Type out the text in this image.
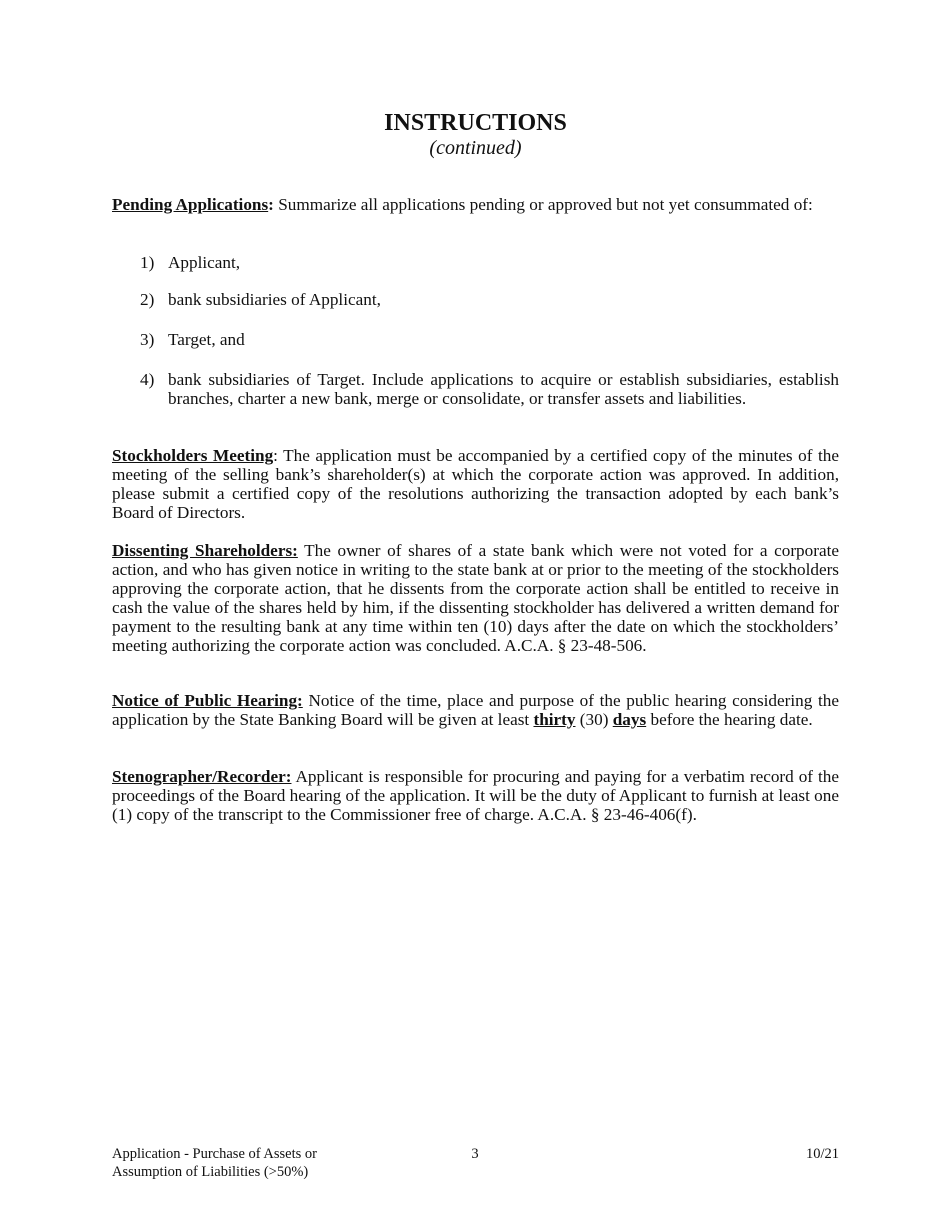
INSTRUCTIONS
(continued)
Pending Applications: Summarize all applications pending or approved but not yet consummated of:
1) Applicant,
2) bank subsidiaries of Applicant,
3) Target, and
4) bank subsidiaries of Target. Include applications to acquire or establish subsidiaries, establish branches, charter a new bank, merge or consolidate, or transfer assets and liabilities.
Stockholders Meeting: The application must be accompanied by a certified copy of the minutes of the meeting of the selling bank’s shareholder(s) at which the corporate action was approved. In addition, please submit a certified copy of the resolutions authorizing the transaction adopted by each bank’s Board of Directors.
Dissenting Shareholders: The owner of shares of a state bank which were not voted for a corporate action, and who has given notice in writing to the state bank at or prior to the meeting of the stockholders approving the corporate action, that he dissents from the corporate action shall be entitled to receive in cash the value of the shares held by him, if the dissenting stockholder has delivered a written demand for payment to the resulting bank at any time within ten (10) days after the date on which the stockholders’ meeting authorizing the corporate action was concluded. A.C.A. § 23-48-506.
Notice of Public Hearing: Notice of the time, place and purpose of the public hearing considering the application by the State Banking Board will be given at least thirty (30) days before the hearing date.
Stenographer/Recorder: Applicant is responsible for procuring and paying for a verbatim record of the proceedings of the Board hearing of the application. It will be the duty of Applicant to furnish at least one (1) copy of the transcript to the Commissioner free of charge. A.C.A. § 23-46-406(f).
Application - Purchase of Assets or
Assumption of Liabilities (>50%)
3	10/21
